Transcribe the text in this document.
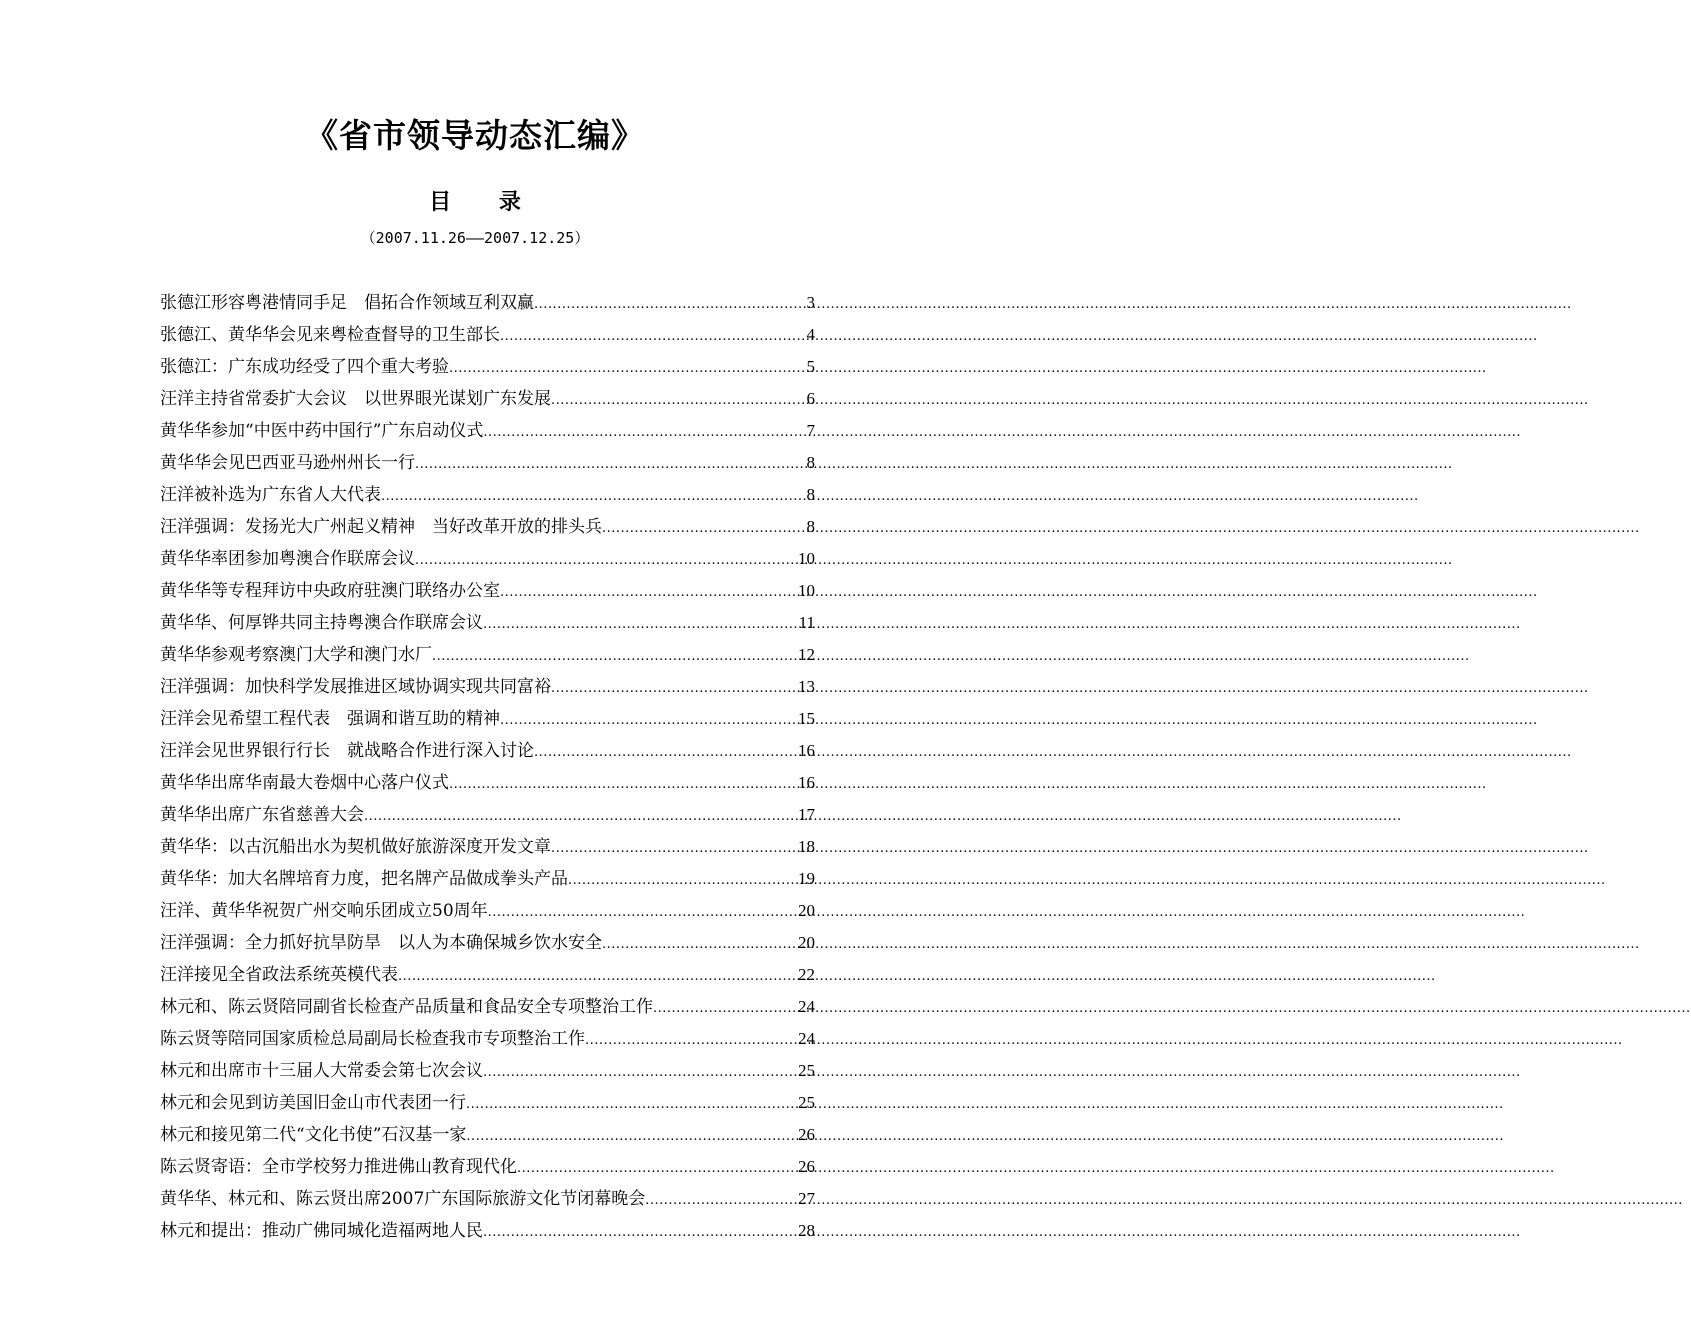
《省市领导动态汇编》
目 录
（2007.11.26——2007.12.25）
张德江形容粤港情同手足　倡拓合作领域互利双赢 .....	3
张德江、黄华华会见来粤检查督导的卫生部长 .....	4
张德江：广东成功经受了四个重大考验 .....	5
汪洋主持省常委扩大会议　以世界眼光谋划广东发展 .....	6
黄华华参加“中医中药中国行”广东启动仪式 .....	7
黄华华会见巴西亚马逊州州长一行 .....	8
汪洋被补选为广东省人大代表 .....	8
汪洋强调：发扬光大广州起义精神　当好改革开放的排头兵 .....	8
黄华华率团参加粤澳合作联席会议 .....	10
黄华华等专程拜访中央政府驻澳门联络办公室 .....	10
黄华华、何厚铧共同主持粤澳合作联席会议 .....	11
黄华华参观考察澳门大学和澳门水厂 .....	12
汪洋强调：加快科学发展推进区域协调实现共同富裕 .....	13
汪洋会见希望工程代表　强调和谐互助的精神 .....	15
汪洋会见世界银行行长　就战略合作进行深入讨论 .....	16
黄华华出席华南最大卷烟中心落户仪式 .....	16
黄华华出席广东省慈善大会 .....	17
黄华华：以古沉船出水为契机做好旅游深度开发文章 .....	18
黄华华：加大名牌培育力度，把名牌产品做成拳头产品 .....	19
汪洋、黄华华祝贺广州交响乐团成立50周年 .....	20
汪洋强调：全力抓好抗旱防旱　以人为本确保城乡饮水安全 .....	20
汪洋接见全省政法系统英模代表 .....	22
林元和、陈云贤陪同副省长检查产品质量和食品安全专项整治工作 .....	24
陈云贤等陪同国家质检总局副局长检查我市专项整治工作 .....	24
林元和出席市十三届人大常委会第七次会议 .....	25
林元和会见到访美国旧金山市代表团一行 .....	25
林元和接见第二代“文化书使”石汉基一家 .....	26
陈云贤寄语：全市学校努力推进佛山教育现代化 .....	26
黄华华、林元和、陈云贤出席2007广东国际旅游文化节闭幕晚会 .....	27
林元和提出：推动广佛同城化造福两地人民 .....	28
